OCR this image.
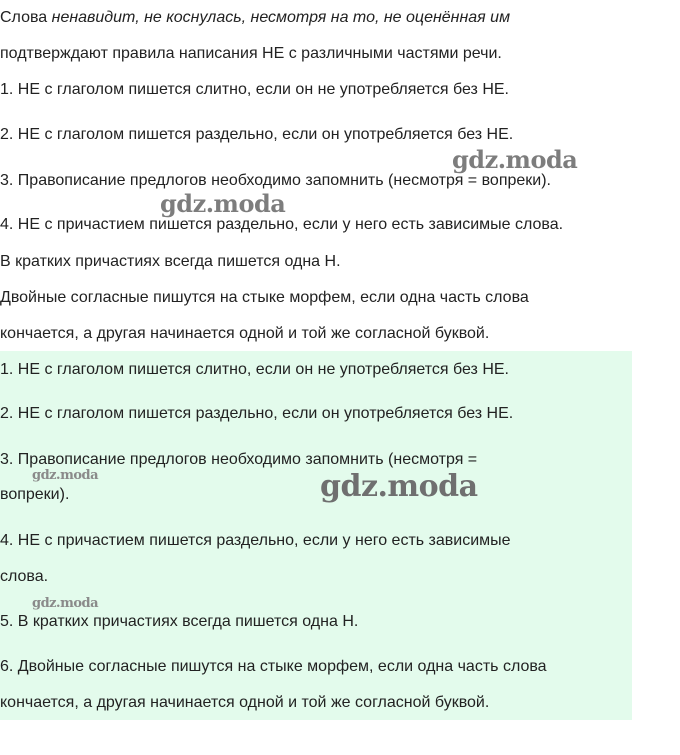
Слова ненавидит, не коснулась, несмотря на то, не оценённая им
подтверждают правила написания НЕ с различными частями речи.
1. НЕ с глаголом пишется слитно, если он не употребляется без НЕ.
2. НЕ с глаголом пишется раздельно, если он употребляется без НЕ.
3. Правописание предлогов необходимо запомнить (несмотря = вопреки).
4. НЕ с причастием пишется раздельно, если у него есть зависимые слова.
В кратких причастиях всегда пишется одна Н.
Двойные согласные пишутся на стыке морфем, если одна часть слова
кончается, а другая начинается одной и той же согласной буквой.
1. НЕ с глаголом пишется слитно, если он не употребляется без НЕ.
2. НЕ с глаголом пишется раздельно, если он употребляется без НЕ.
3. Правописание предлогов необходимо запомнить (несмотря =
вопреки).
4. НЕ с причастием пишется раздельно, если у него есть зависимые
слова.
5. В кратких причастиях всегда пишется одна Н.
6. Двойные согласные пишутся на стыке морфем, если одна часть слова
кончается, а другая начинается одной и той же согласной буквой.
gdz.moda
gdz.moda
gdz.moda	gdz.moda
gdz.moda
